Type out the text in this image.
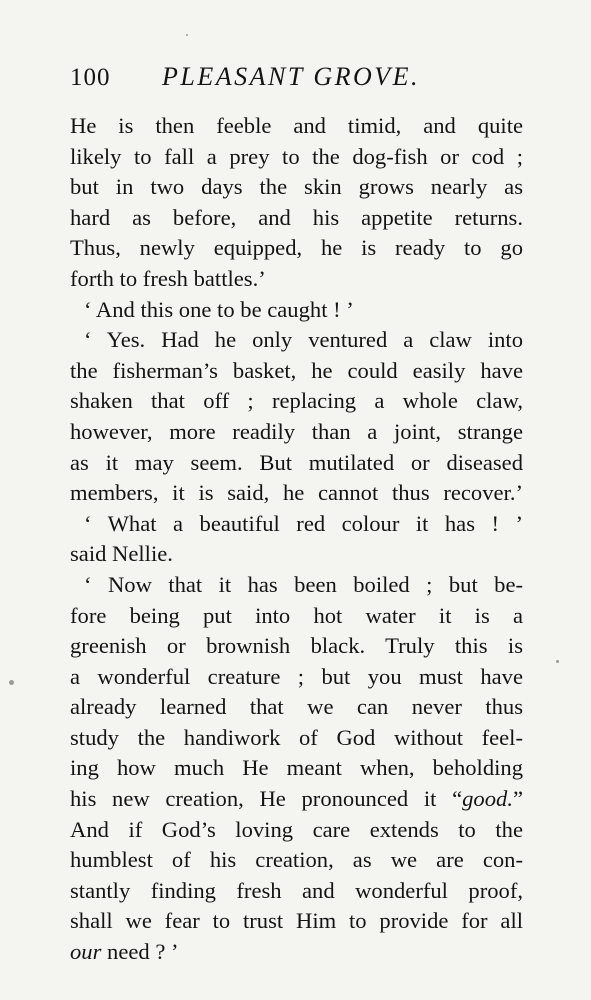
100 PLEASANT GROVE.
He is then feeble and timid, and quite
likely to fall a prey to the dog-fish or cod ;
but in two days the skin grows nearly as
hard as before, and his appetite returns.
Thus, newly equipped, he is ready to go
forth to fresh battles.’
‘ And this one to be caught ! ’
‘ Yes. Had he only ventured a claw into
the fisherman’s basket, he could easily have
shaken that off ; replacing a whole claw,
however, more readily than a joint, strange
as it may seem. But mutilated or diseased
members, it is said, he cannot thus recover.’
‘ What a beautiful red colour it has ! ’
said Nellie.
‘ Now that it has been boiled ; but be-
fore being put into hot water it is a
greenish or brownish black. Truly this is
a wonderful creature ; but you must have
already learned that we can never thus
study the handiwork of God without feel-
ing how much He meant when, beholding
his new creation, He pronounced it “good.”
And if God’s loving care extends to the
humblest of his creation, as we are con-
stantly finding fresh and wonderful proof,
shall we fear to trust Him to provide for all
our need ? ’
